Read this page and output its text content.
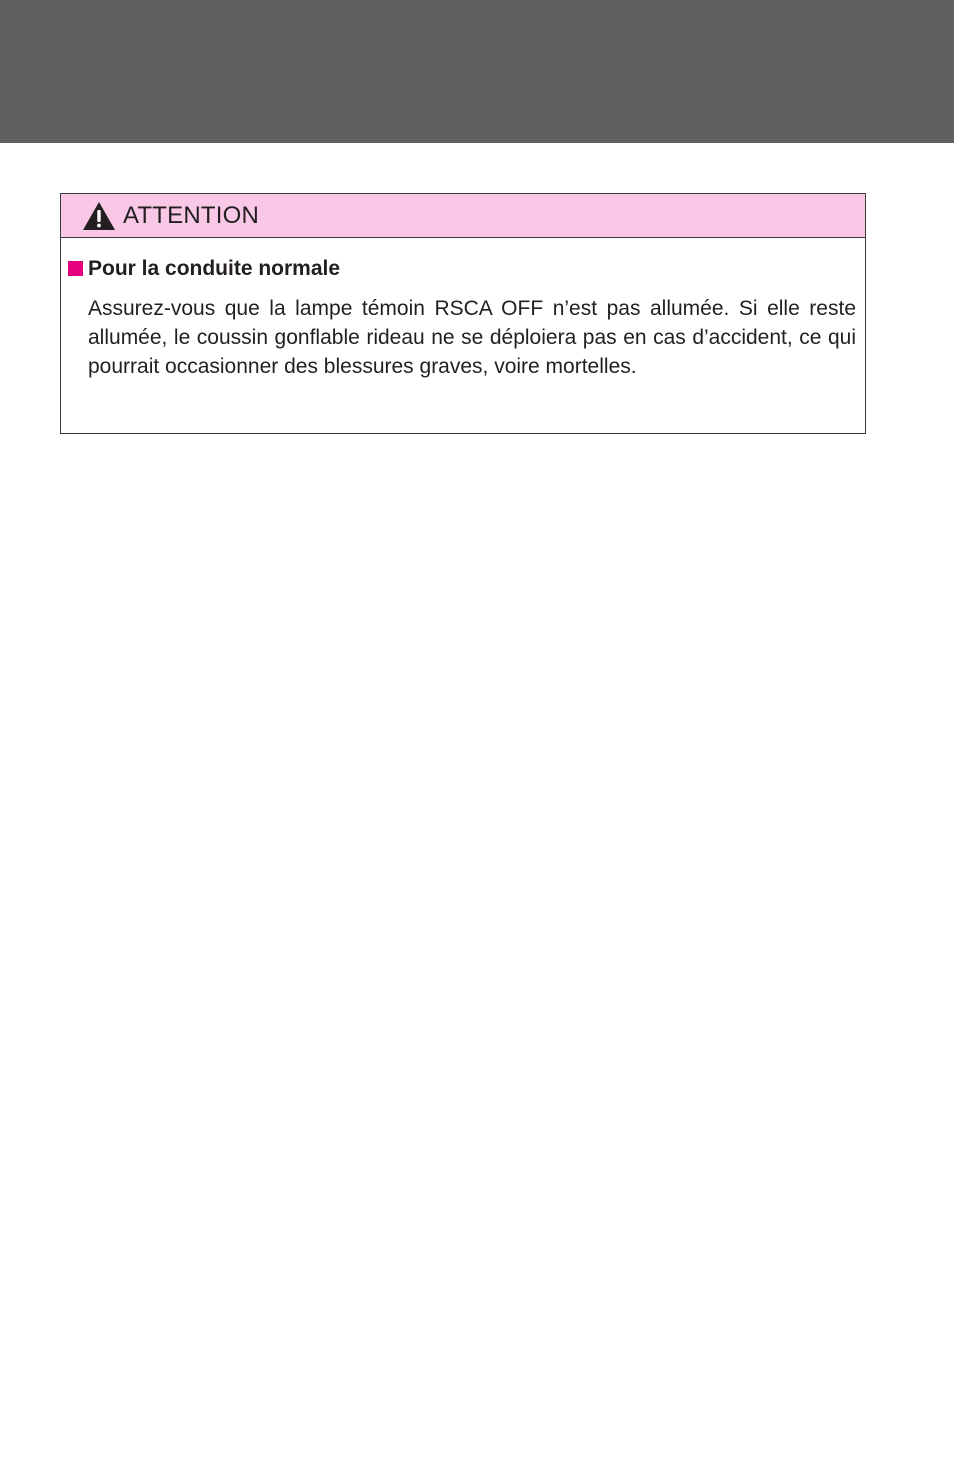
ATTENTION
Pour la conduite normale

Assurez-vous que la lampe témoin RSCA OFF n’est pas allumée. Si elle reste allumée, le coussin gonflable rideau ne se déploiera pas en cas d’accident, ce qui pourrait occasionner des blessures graves, voire mortelles.
